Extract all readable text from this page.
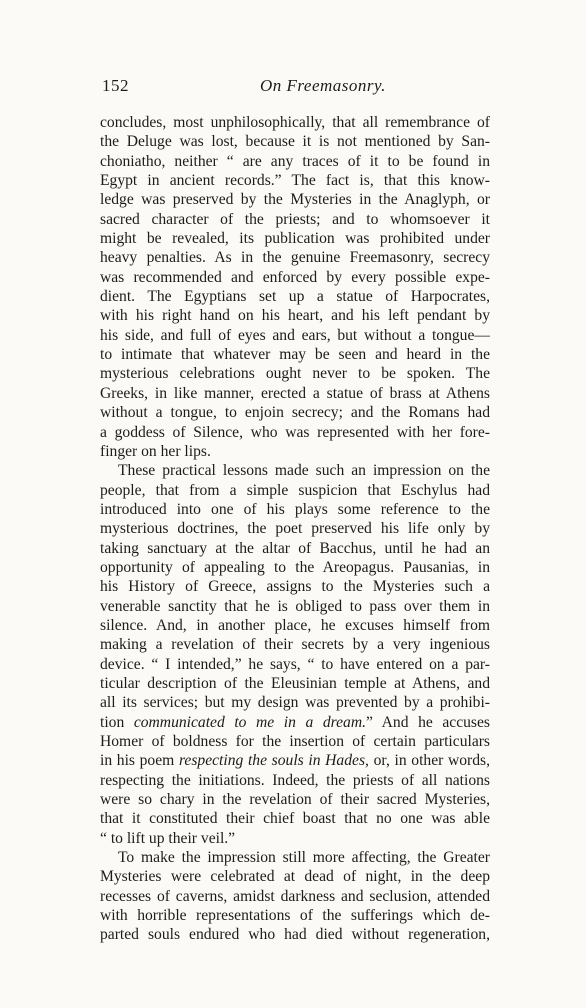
152	On Freemasonry.
concludes, most unphilosophically, that all remembrance of
the Deluge was lost, because it is not mentioned by San-
choniatho, neither “ are any traces of it to be found in
Egypt in ancient records.” The fact is, that this know-
ledge was preserved by the Mysteries in the Anaglyph, or
sacred character of the priests; and to whomsoever it
might be revealed, its publication was prohibited under
heavy penalties. As in the genuine Freemasonry, secrecy
was recommended and enforced by every possible expe-
dient. The Egyptians set up a statue of Harpocrates,
with his right hand on his heart, and his left pendant by
his side, and full of eyes and ears, but without a tongue—
to intimate that whatever may be seen and heard in the
mysterious celebrations ought never to be spoken. The
Greeks, in like manner, erected a statue of brass at Athens
without a tongue, to enjoin secrecy; and the Romans had
a goddess of Silence, who was represented with her fore-
finger on her lips.
These practical lessons made such an impression on the
people, that from a simple suspicion that Eschylus had
introduced into one of his plays some reference to the
mysterious doctrines, the poet preserved his life only by
taking sanctuary at the altar of Bacchus, until he had an
opportunity of appealing to the Areopagus. Pausanias, in
his History of Greece, assigns to the Mysteries such a
venerable sanctity that he is obliged to pass over them in
silence. And, in another place, he excuses himself from
making a revelation of their secrets by a very ingenious
device. “ I intended,” he says, “ to have entered on a par-
ticular description of the Eleusinian temple at Athens, and
all its services; but my design was prevented by a prohibi-
tion communicated to me in a dream.” And he accuses
Homer of boldness for the insertion of certain particulars
in his poem respecting the souls in Hades, or, in other words,
respecting the initiations. Indeed, the priests of all nations
were so chary in the revelation of their sacred Mysteries,
that it constituted their chief boast that no one was able
“ to lift up their veil.”
To make the impression still more affecting, the Greater
Mysteries were celebrated at dead of night, in the deep
recesses of caverns, amidst darkness and seclusion, attended
with horrible representations of the sufferings which de-
parted souls endured who had died without regeneration,
